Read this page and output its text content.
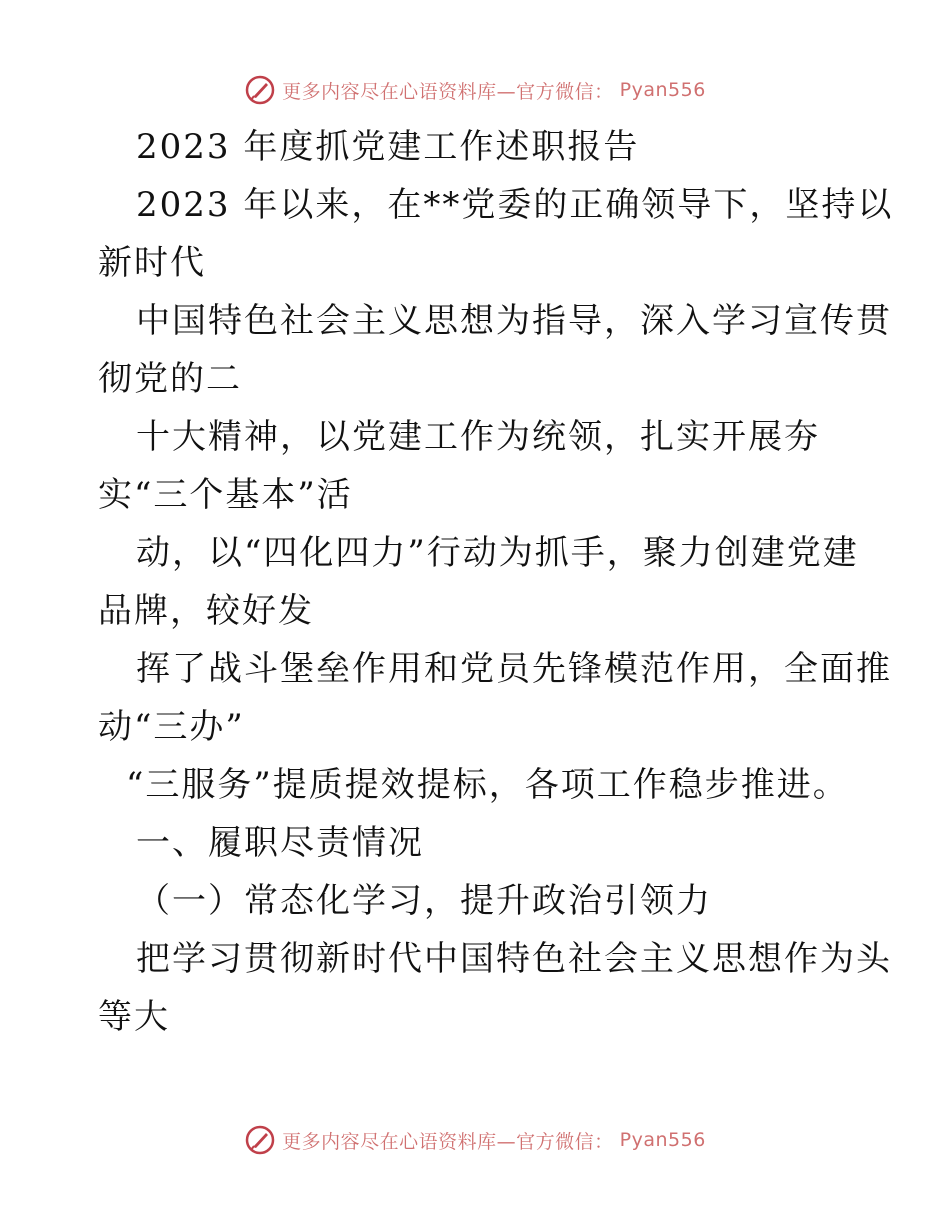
更多内容尽在心语资料库—官方微信： Pyan556
2023 年度抓党建工作述职报告
2023 年以来，在**党委的正确领导下，坚持以
新时代
中国特色社会主义思想为指导，深入学习宣传贯
彻党的二
十大精神，以党建工作为统领，扎实开展夯
实“三个基本”活
动，以“四化四力”行动为抓手，聚力创建党建
品牌，较好发
挥了战斗堡垒作用和党员先锋模范作用，全面推
动“三办”
“三服务”提质提效提标，各项工作稳步推进。
一、履职尽责情况
（一）常态化学习，提升政治引领力
把学习贯彻新时代中国特色社会主义思想作为头
等大
更多内容尽在心语资料库—官方微信： Pyan556
